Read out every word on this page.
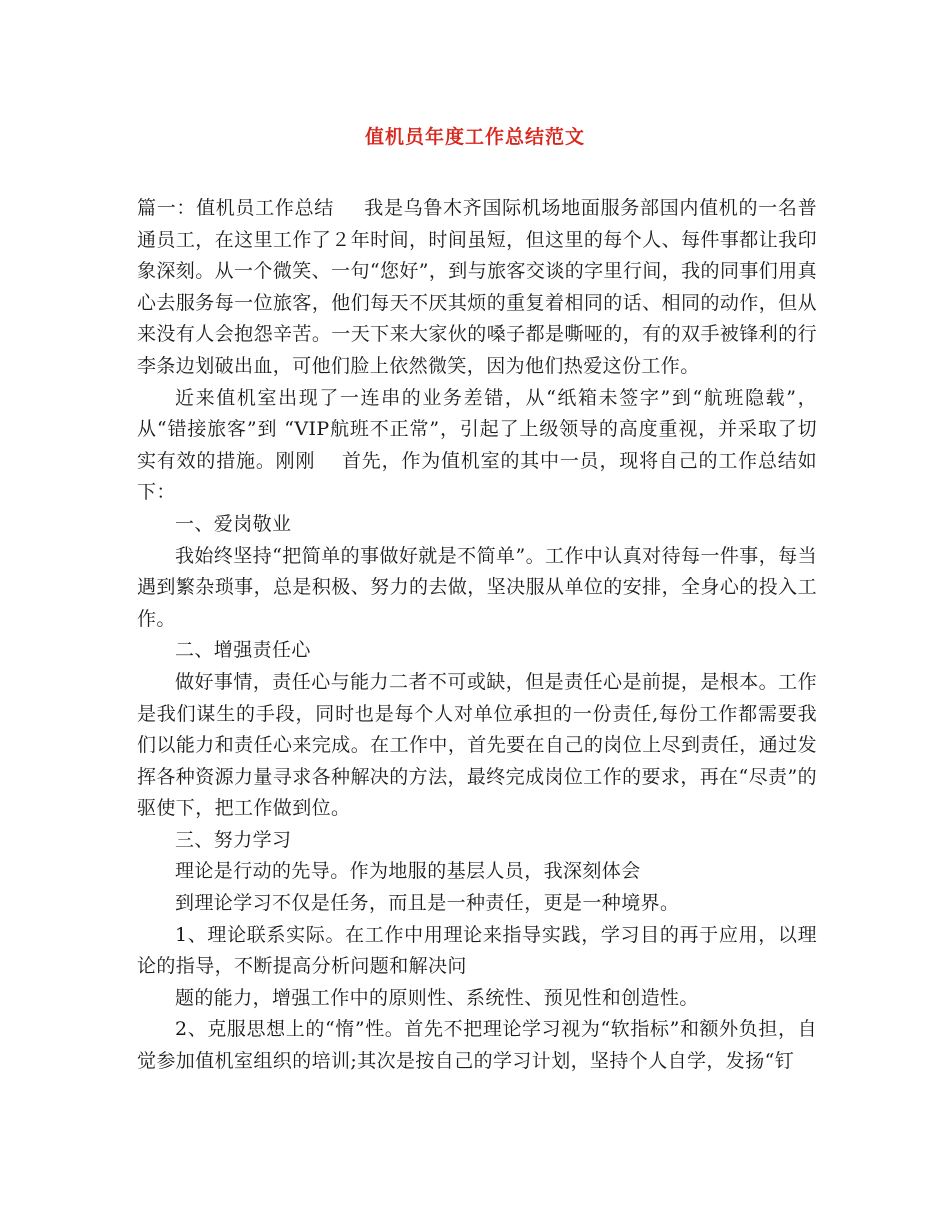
值机员年度工作总结范文

篇一：值机员工作总结 我是乌鲁木齐国际机场地面服务部国内值机的一名普通员工，在这里工作了２年时间，时间虽短，但这里的每个人、每件事都让我印象深刻。从一个微笑、一句“您好”，到与旅客交谈的字里行间，我的同事们用真心去服务每一位旅客，他们每天不厌其烦的重复着相同的话、相同的动作，但从来没有人会抱怨辛苦。一天下来大家伙的嗓子都是嘶哑的，有的双手被锋利的行李条边划破出血，可他们脸上依然微笑，因为他们热爱这份工作。

近来值机室出现了一连串的业务差错，从“纸箱未签字”到“航班隐载”，从“错接旅客”到 “VIP航班不正常”，引起了上级领导的高度重视，并采取了切实有效的措施。刚刚　 首先，作为值机室的其中一员，现将自己的工作总结如下：

一、爱岗敬业

我始终坚持“把简单的事做好就是不简单”。工作中认真对待每一件事，每当遇到繁杂琐事，总是积极、努力的去做，坚决服从单位的安排，全身心的投入工作。

二、增强责任心

做好事情，责任心与能力二者不可或缺，但是责任心是前提，是根本。工作是我们谋生的手段，同时也是每个人对单位承担的一份责任,每份工作都需要我们以能力和责任心来完成。在工作中，首先要在自己的岗位上尽到责任，通过发挥各种资源力量寻求各种解决的方法，最终完成岗位工作的要求，再在“尽责”的驱使下，把工作做到位。

三、努力学习

理论是行动的先导。作为地服的基层人员，我深刻体会

到理论学习不仅是任务，而且是一种责任，更是一种境界。

1、理论联系实际。在工作中用理论来指导实践，学习目的再于应用，以理论的指导，不断提高分析问题和解决问

题的能力，增强工作中的原则性、系统性、预见性和创造性。

2、克服思想上的“惰”性。首先不把理论学习视为“软指标”和额外负担，自觉参加值机室组织的培训;其次是按自己的学习计划，坚持个人自学，发扬“钉
